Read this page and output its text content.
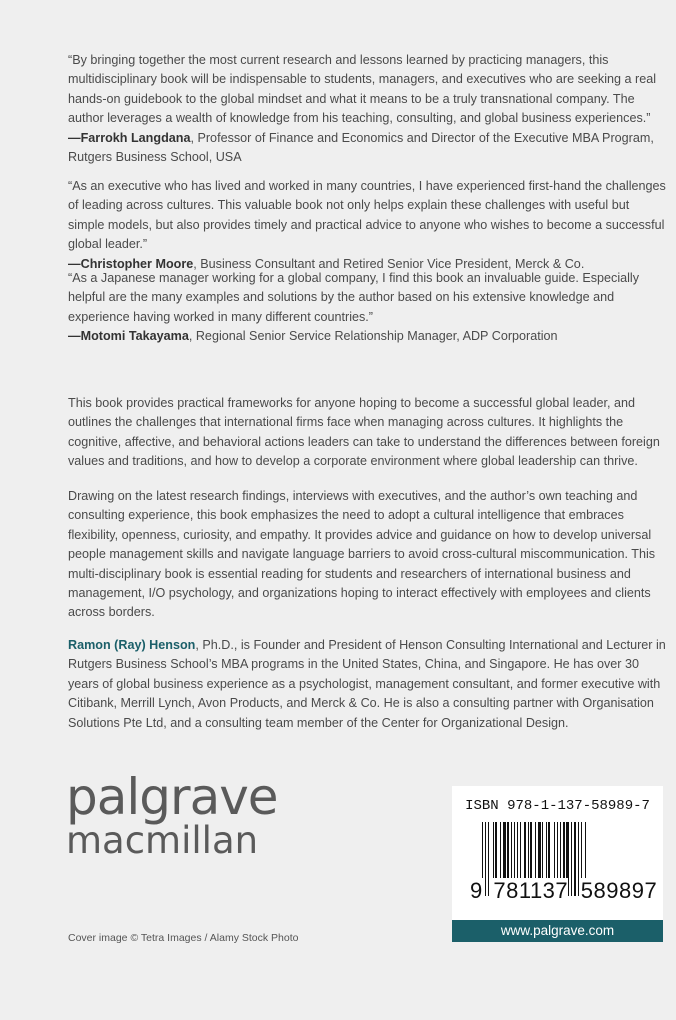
“By bringing together the most current research and lessons learned by practicing managers, this multidisciplinary book will be indispensable to students, managers, and executives who are seeking a real hands-on guidebook to the global mindset and what it means to be a truly transnational company. The author leverages a wealth of knowledge from his teaching, consulting, and global business experiences.”
—Farrokh Langdana, Professor of Finance and Economics and Director of the Executive MBA Program, Rutgers Business School, USA

“As an executive who has lived and worked in many countries, I have experienced first-hand the challenges of leading across cultures. This valuable book not only helps explain these challenges with useful but simple models, but also provides timely and practical advice to anyone who wishes to become a successful global leader.”
—Christopher Moore, Business Consultant and Retired Senior Vice President, Merck & Co.

“As a Japanese manager working for a global company, I find this book an invaluable guide. Especially helpful are the many examples and solutions by the author based on his extensive knowledge and experience having worked in many different countries.”
—Motomi Takayama, Regional Senior Service Relationship Manager, ADP Corporation

This book provides practical frameworks for anyone hoping to become a successful global leader, and outlines the challenges that international firms face when managing across cultures. It highlights the cognitive, affective, and behavioral actions leaders can take to understand the differences between foreign values and traditions, and how to develop a corporate environment where global leadership can thrive.

Drawing on the latest research findings, interviews with executives, and the author’s own teaching and consulting experience, this book emphasizes the need to adopt a cultural intelligence that embraces flexibility, openness, curiosity, and empathy. It provides advice and guidance on how to develop universal people management skills and navigate language barriers to avoid cross-cultural miscommunication. This multi-disciplinary book is essential reading for students and researchers of international business and management, I/O psychology, and organizations hoping to interact effectively with employees and clients across borders.

Ramon (Ray) Henson, Ph.D., is Founder and President of Henson Consulting International and Lecturer in Rutgers Business School’s MBA programs in the United States, China, and Singapore. He has over 30 years of global business experience as a psychologist, management consultant, and former executive with Citibank, Merrill Lynch, Avon Products, and Merck & Co. He is also a consulting partner with Organisation Solutions Pte Ltd, and a consulting team member of the Center for Organizational Design.

palgrave
macmillan
Cover image © Tetra Images / Alamy Stock Photo
ISBN 978-1-137-58989-7
9 781137 589897
www.palgrave.com
